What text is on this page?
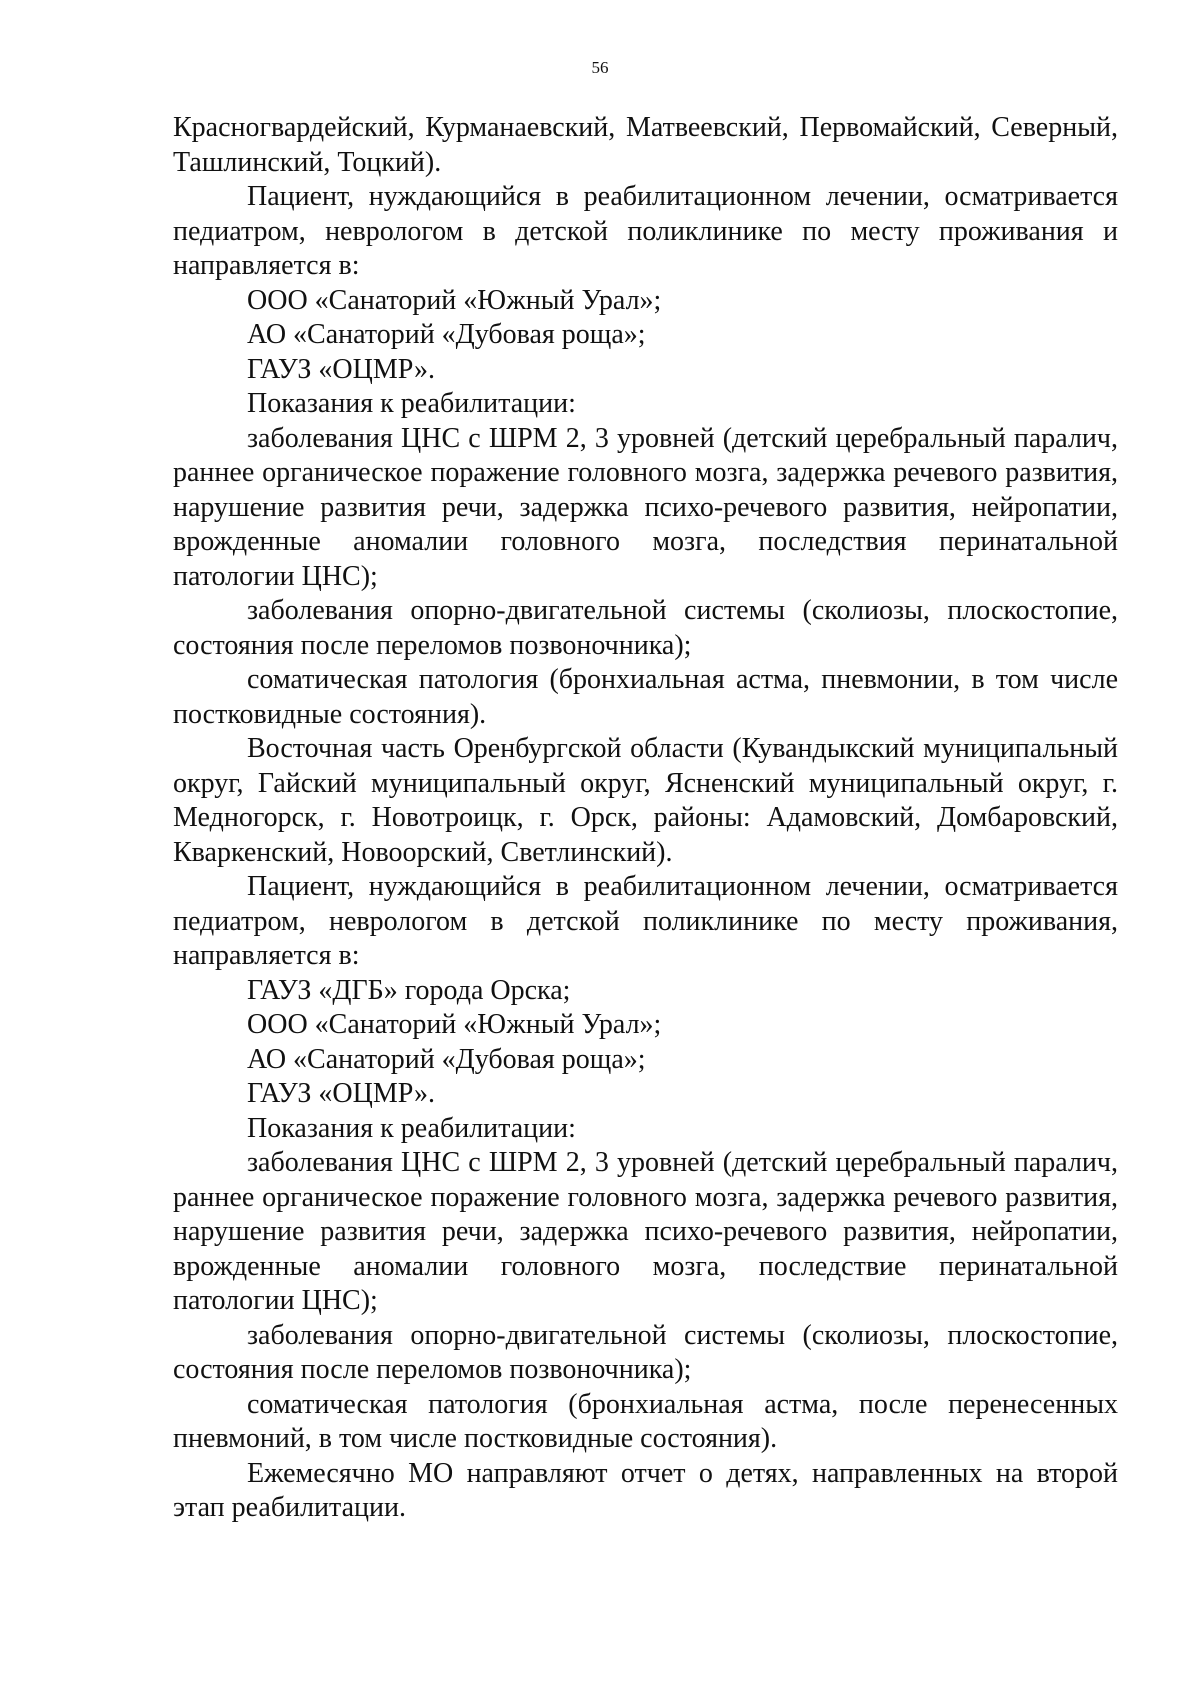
56

Красногвардейский, Курманаевский, Матвеевский, Первомайский, Северный, Ташлинский, Тоцкий).

Пациент, нуждающийся в реабилитационном лечении, осматривается педиатром, неврологом в детской поликлинике по месту проживания и направляется в:

ООО «Санаторий «Южный Урал»;

АО «Санаторий «Дубовая роща»;

ГАУЗ «ОЦМР».

Показания к реабилитации:

заболевания ЦНС с ШРМ 2, 3 уровней (детский церебральный паралич, раннее органическое поражение головного мозга, задержка речевого развития, нарушение развития речи, задержка психо-речевого развития, нейропатии, врожденные аномалии головного мозга, последствия перинатальной патологии ЦНС);

заболевания опорно-двигательной системы (сколиозы, плоскостопие, состояния после переломов позвоночника);

соматическая патология (бронхиальная астма, пневмонии, в том числе постковидные состояния).

Восточная часть Оренбургской области (Кувандыкский муниципальный округ, Гайский муниципальный округ, Ясненский муниципальный округ, г. Медногорск, г. Новотроицк, г. Орск, районы: Адамовский, Домбаровский, Кваркенский, Новоорский, Светлинский).

Пациент, нуждающийся в реабилитационном лечении, осматривается педиатром, неврологом в детской поликлинике по месту проживания, направляется в:

ГАУЗ «ДГБ» города Орска;

ООО «Санаторий «Южный Урал»;

АО «Санаторий «Дубовая роща»;

ГАУЗ «ОЦМР».

Показания к реабилитации:

заболевания ЦНС с ШРМ 2, 3 уровней (детский церебральный паралич, раннее органическое поражение головного мозга, задержка речевого развития, нарушение развития речи, задержка психо-речевого развития, нейропатии, врожденные аномалии головного мозга, последствие перинатальной патологии ЦНС);

заболевания опорно-двигательной системы (сколиозы, плоскостопие, состояния после переломов позвоночника);

соматическая патология (бронхиальная астма, после перенесенных пневмоний, в том числе постковидные состояния).

Ежемесячно МО направляют отчет о детях, направленных на второй этап реабилитации.
